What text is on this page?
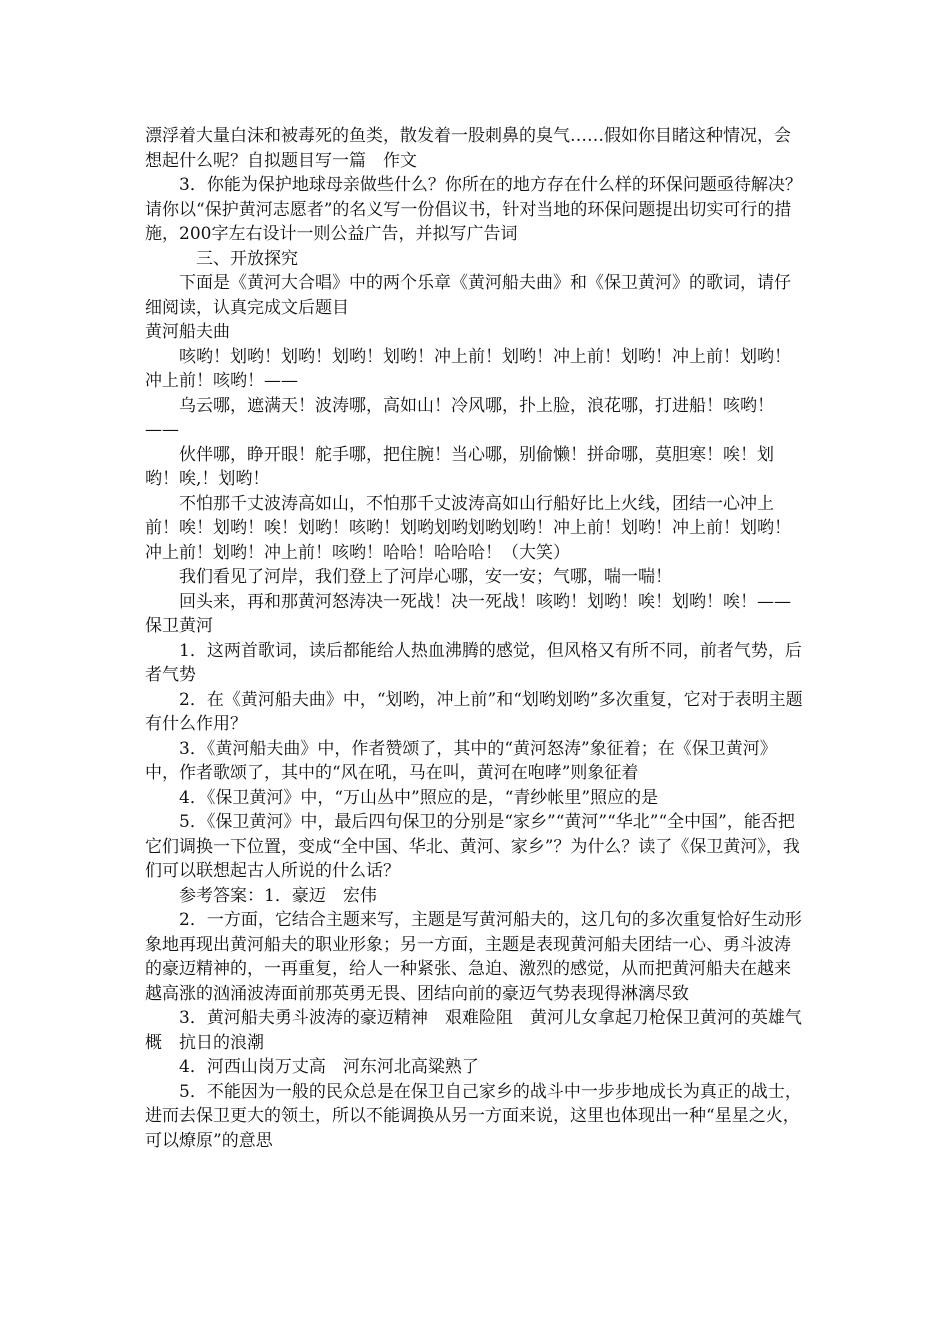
漂浮着大量白沫和被毒死的鱼类，散发着一股刺鼻的臭气……假如你目睹这种情况，会想起什么呢？自拟题目写一篇　作文

3．你能为保护地球母亲做些什么？你所在的地方存在什么样的环保问题亟待解决？请你以“保护黄河志愿者”的名义写一份倡议书，针对当地的环保问题提出切实可行的措施，200字左右设计一则公益广告，并拟写广告词

三、开放探究

下面是《黄河大合唱》中的两个乐章《黄河船夫曲》和《保卫黄河》的歌词，请仔细阅读，认真完成文后题目

黄河船夫曲

咳哟！划哟！划哟！划哟！划哟！冲上前！划哟！冲上前！划哟！冲上前！划哟！冲上前！咳哟！——

乌云哪，遮满天！波涛哪，高如山！冷风哪，扑上脸，浪花哪，打进船！咳哟！——

伙伴哪，睁开眼！舵手哪，把住腕！当心哪，别偷懒！拼命哪，莫胆寒！唉！划哟！唉,！划哟！

不怕那千丈波涛高如山，不怕那千丈波涛高如山行船好比上火线，团结一心冲上前！唉！划哟！唉！划哟！咳哟！划哟划哟划哟划哟！冲上前！划哟！冲上前！划哟！冲上前！划哟！冲上前！咳哟！哈哈！哈哈哈！（大笑）

我们看见了河岸，我们登上了河岸心哪，安一安；气哪，喘一喘！

回头来，再和那黄河怒涛决一死战！决一死战！咳哟！划哟！唉！划哟！唉！——保卫黄河

1．这两首歌词，读后都能给人热血沸腾的感觉，但风格又有所不同，前者气势，后者气势

2．在《黄河船夫曲》中，“划哟，冲上前”和“划哟划哟”多次重复，它对于表明主题有什么作用？

3．《黄河船夫曲》中，作者赞颂了，其中的“黄河怒涛”象征着；在《保卫黄河》中，作者歌颂了，其中的“风在吼，马在叫，黄河在咆哮”则象征着

4．《保卫黄河》中，“万山丛中”照应的是，“青纱帐里”照应的是

5．《保卫黄河》中，最后四句保卫的分别是“家乡”“黄河”“华北”“全中国”，能否把它们调换一下位置，变成“全中国、华北、黄河、家乡”？为什么？读了《保卫黄河》，我们可以联想起古人所说的什么话？

参考答案：1．豪迈　宏伟

2．一方面，它结合主题来写，主题是写黄河船夫的，这几句的多次重复恰好生动形象地再现出黄河船夫的职业形象；另一方面，主题是表现黄河船夫团结一心、勇斗波涛的豪迈精神的，一再重复，给人一种紧张、急迫、激烈的感觉，从而把黄河船夫在越来越高涨的汹涌波涛面前那英勇无畏、团结向前的豪迈气势表现得淋漓尽致

3．黄河船夫勇斗波涛的豪迈精神　艰难险阻　黄河儿女拿起刀枪保卫黄河的英雄气概　抗日的浪潮

4．河西山岗万丈高　河东河北高粱熟了

5．不能因为一般的民众总是在保卫自己家乡的战斗中一步步地成长为真正的战士，进而去保卫更大的领土，所以不能调换从另一方面来说，这里也体现出一种“星星之火，可以燎原”的意思
